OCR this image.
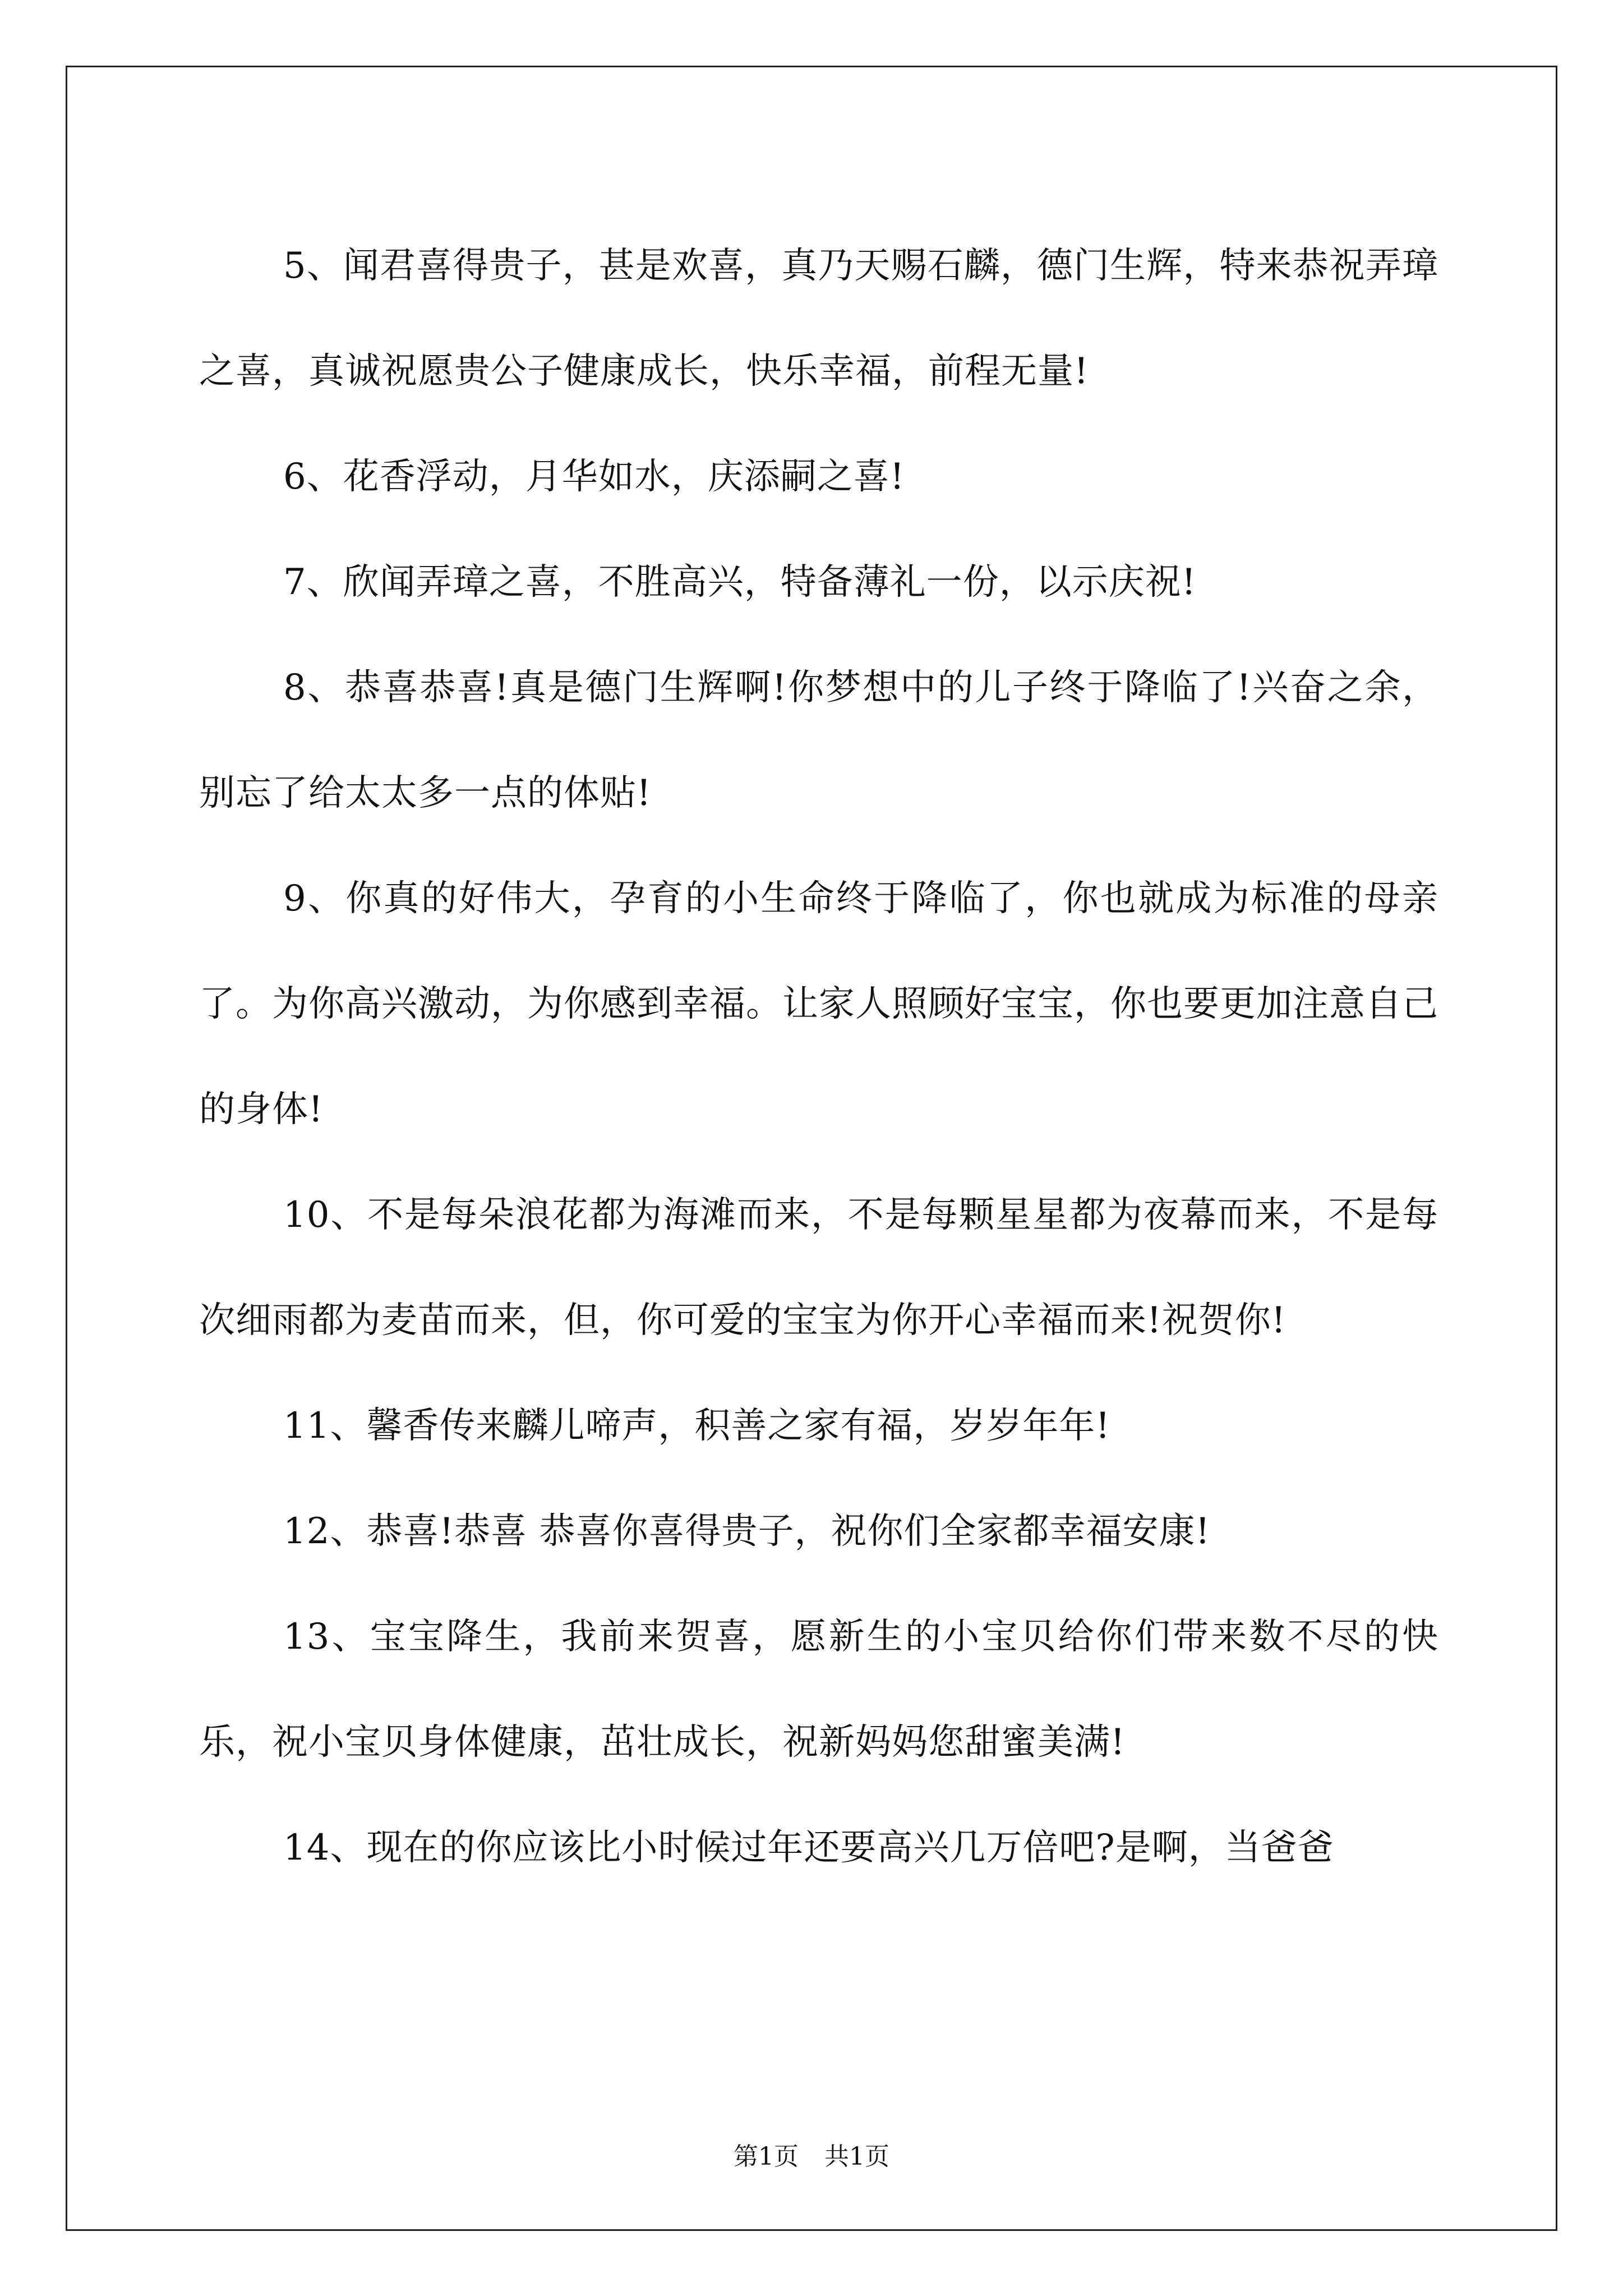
5、闻君喜得贵子，甚是欢喜，真乃天赐石麟，德门生辉，特来恭祝弄璋之喜，真诚祝愿贵公子健康成长，快乐幸福，前程无量!

6、花香浮动，月华如水，庆添嗣之喜!

7、欣闻弄璋之喜，不胜高兴，特备薄礼一份，以示庆祝!

8、恭喜恭喜!真是德门生辉啊!你梦想中的儿子终于降临了!兴奋之余，别忘了给太太多一点的体贴!

9、你真的好伟大，孕育的小生命终于降临了，你也就成为标准的母亲了。为你高兴激动，为你感到幸福。让家人照顾好宝宝，你也要更加注意自己的身体!

10、不是每朵浪花都为海滩而来，不是每颗星星都为夜幕而来，不是每次细雨都为麦苗而来，但，你可爱的宝宝为你开心幸福而来!祝贺你!

11、馨香传来麟儿啼声，积善之家有福，岁岁年年!

12、恭喜!恭喜 恭喜你喜得贵子，祝你们全家都幸福安康!

13、宝宝降生，我前来贺喜，愿新生的小宝贝给你们带来数不尽的快乐，祝小宝贝身体健康，茁壮成长，祝新妈妈您甜蜜美满!

14、现在的你应该比小时候过年还要高兴几万倍吧?是啊，当爸爸

第1页 共1页
